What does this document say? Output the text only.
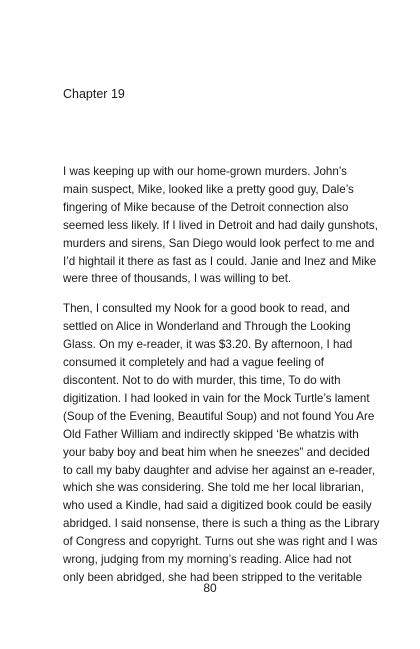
Chapter 19

I was keeping up with our home-grown murders. John’s
main suspect, Mike, looked like a pretty good guy, Dale’s
fingering of Mike because of the Detroit connection also
seemed less likely. If I lived in Detroit and had daily gunshots,
murders and sirens, San Diego would look perfect to me and
I’d hightail it there as fast as I could. Janie and Inez and Mike
were three of thousands, I was willing to bet.

Then, I consulted my Nook for a good book to read, and
settled on Alice in Wonderland and Through the Looking
Glass. On my e-reader, it was $3.20. By afternoon, I had
consumed it completely and had a vague feeling of
discontent. Not to do with murder, this time, To do with
digitization. I had looked in vain for the Mock Turtle’s lament
(Soup of the Evening, Beautiful Soup) and not found You Are
Old Father William and indirectly skipped ‘Be whatzis with
your baby boy and beat him when he sneezes” and decided
to call my baby daughter and advise her against an e-reader,
which she was considering. She told me her local librarian,
who used a Kindle, had said a digitized book could be easily
abridged. I said nonsense, there is such a thing as the Library
of Congress and copyright. Turns out she was right and I was
wrong, judging from my morning’s reading. Alice had not
only been abridged, she had been stripped to the veritable

80
